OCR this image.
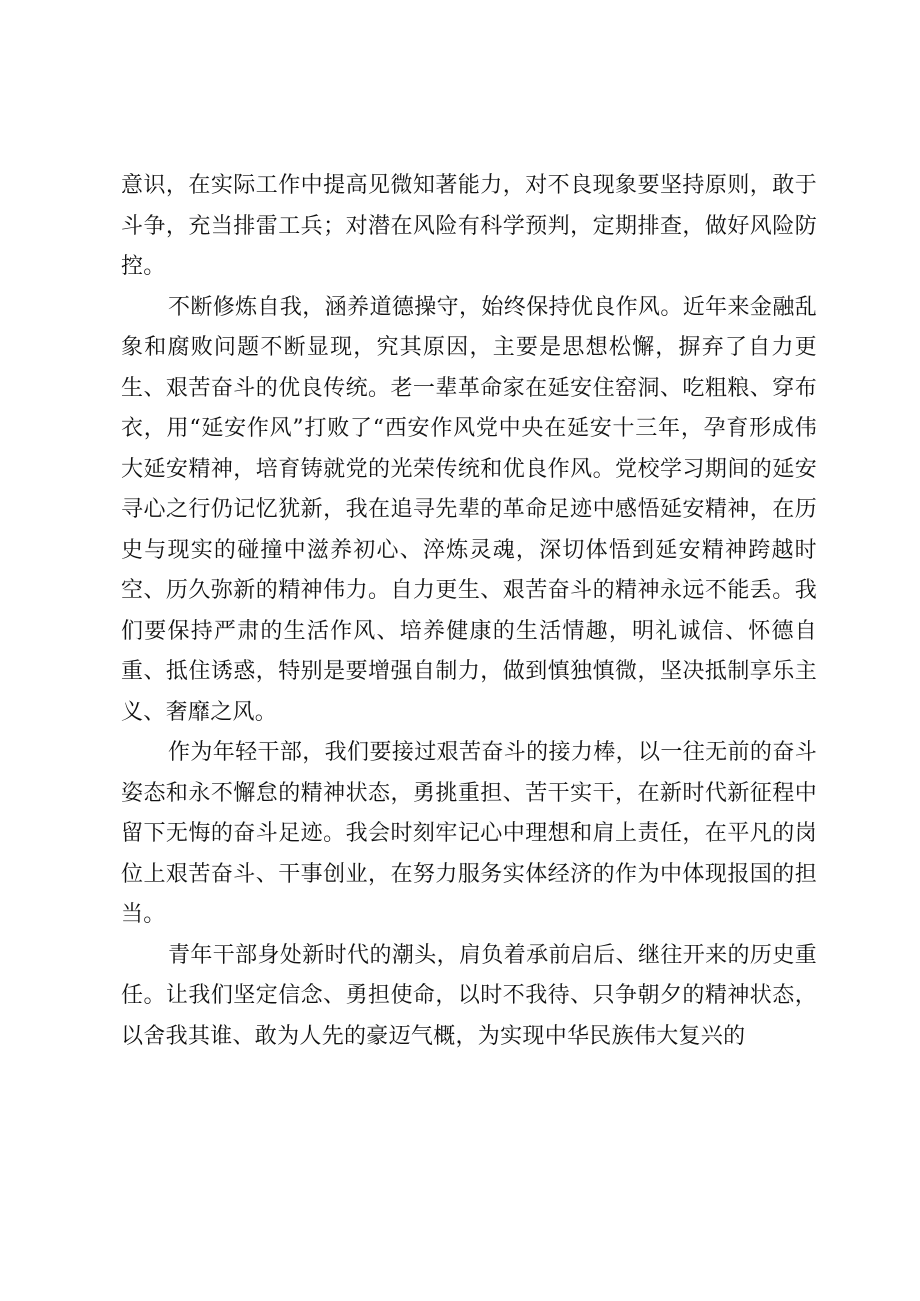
意识，在实际工作中提高见微知著能力，对不良现象要坚持原则，敢于斗争，充当排雷工兵；对潜在风险有科学预判，定期排查，做好风险防控。

不断修炼自我，涵养道德操守，始终保持优良作风。近年来金融乱象和腐败问题不断显现，究其原因，主要是思想松懈，摒弃了自力更生、艰苦奋斗的优良传统。老一辈革命家在延安住窑洞、吃粗粮、穿布衣，用“延安作风”打败了“西安作风党中央在延安十三年，孕育形成伟大延安精神，培育铸就党的光荣传统和优良作风。党校学习期间的延安寻心之行仍记忆犹新，我在追寻先辈的革命足迹中感悟延安精神，在历史与现实的碰撞中滋养初心、淬炼灵魂，深切体悟到延安精神跨越时空、历久弥新的精神伟力。自力更生、艰苦奋斗的精神永远不能丢。我们要保持严肃的生活作风、培养健康的生活情趣，明礼诚信、怀德自重、抵住诱惑，特别是要增强自制力，做到慎独慎微，坚决抵制享乐主义、奢靡之风。

作为年轻干部，我们要接过艰苦奋斗的接力棒，以一往无前的奋斗姿态和永不懈怠的精神状态，勇挑重担、苦干实干，在新时代新征程中留下无悔的奋斗足迹。我会时刻牢记心中理想和肩上责任，在平凡的岗位上艰苦奋斗、干事创业，在努力服务实体经济的作为中体现报国的担当。

青年干部身处新时代的潮头，肩负着承前启后、继往开来的历史重任。让我们坚定信念、勇担使命，以时不我待、只争朝夕的精神状态，以舍我其谁、敢为人先的豪迈气概，为实现中华民族伟大复兴的
